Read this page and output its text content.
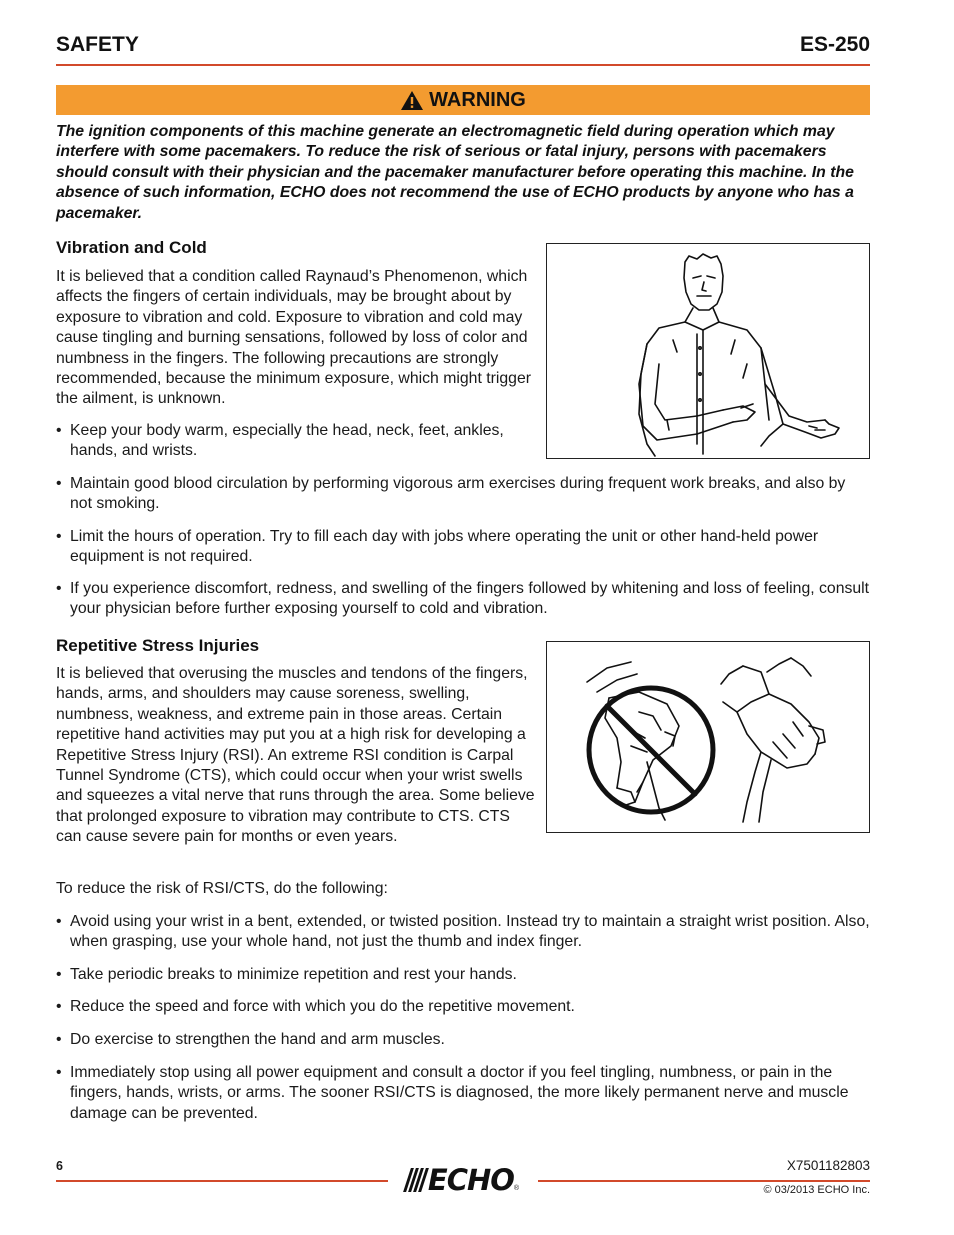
SAFETY	ES-250
WARNING
The ignition components of this machine generate an electromagnetic field during operation which may interfere with some pacemakers. To reduce the risk of serious or fatal injury, persons with pacemakers should consult with their physician and the pacemaker manufacturer before operating this machine. In the absence of such information, ECHO does not recommend the use of ECHO products by anyone who has a pacemaker.
Vibration and Cold

It is believed that a condition called Raynaud’s Phenomenon, which affects the fingers of certain individuals, may be brought about by exposure to vibration and cold. Exposure to vibration and cold may cause tingling and burning sensations, followed by loss of color and numbness in the fingers. The following precautions are strongly recommended, because the minimum exposure, which might trigger the ailment, is unknown.

• Keep your body warm, especially the head, neck, feet, ankles, hands, and wrists.
• Maintain good blood circulation by performing vigorous arm exercises during frequent work breaks, and also by not smoking.
• Limit the hours of operation. Try to fill each day with jobs where operating the unit or other hand-held power equipment is not required.
• If you experience discomfort, redness, and swelling of the fingers followed by whitening and loss of feeling, consult your physician before further exposing yourself to cold and vibration.
Repetitive Stress Injuries

It is believed that overusing the muscles and tendons of the fingers, hands, arms, and shoulders may cause soreness, swelling, numbness, weakness, and extreme pain in those areas. Certain repetitive hand activities may put you at a high risk for developing a Repetitive Stress Injury (RSI). An extreme RSI condition is Carpal Tunnel Syndrome (CTS), which could occur when your wrist swells and squeezes a vital nerve that runs through the area. Some believe that prolonged exposure to vibration may contribute to CTS. CTS can cause severe pain for months or even years.

To reduce the risk of RSI/CTS, do the following:

• Avoid using your wrist in a bent, extended, or twisted position. Instead try to maintain a straight wrist position. Also, when grasping, use your whole hand, not just the thumb and index finger.
• Take periodic breaks to minimize repetition and rest your hands.
• Reduce the speed and force with which you do the repetitive movement.
• Do exercise to strengthen the hand and arm muscles.
• Immediately stop using all power equipment and consult a doctor if you feel tingling, numbness, or pain in the fingers, hands, wrists, or arms. The sooner RSI/CTS is diagnosed, the more likely permanent nerve and muscle damage can be prevented.
6	X7501182803
ECHO ®	© 03/2013 ECHO Inc.
